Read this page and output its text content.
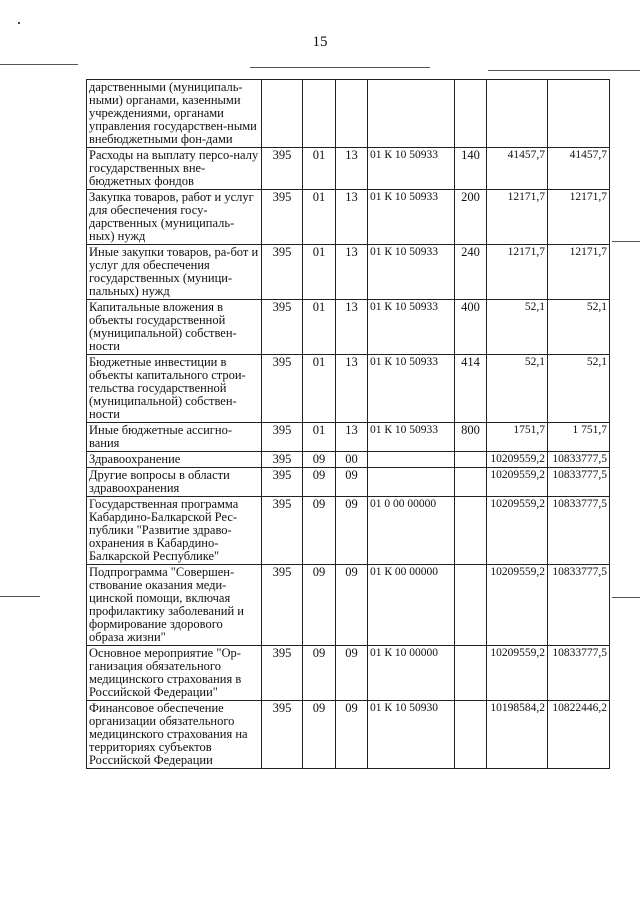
15
дарственными (муниципаль-ными) органами, казенными учреждениями, органами управления государствен-ными внебюджетными фон-дами							
Расходы на выплату персо-налу государственных вне-бюджетных фондов	395	01	13	01 К 10 50933	140	41457,7	41457,7
Закупка товаров, работ и услуг для обеспечения госу-дарственных (муниципаль-ных) нужд	395	01	13	01 К 10 50933	200	12171,7	12171,7
Иные закупки товаров, ра-бот и услуг для обеспечения государственных (муници-пальных) нужд	395	01	13	01 К 10 50933	240	12171,7	12171,7
Капитальные вложения в объекты государственной (муниципальной) собствен-ности	395	01	13	01 К 10 50933	400	52,1	52,1
Бюджетные инвестиции в объекты капитального строи-тельства государственной (муниципальной) собствен-ности	395	01	13	01 К 10 50933	414	52,1	52,1
Иные бюджетные ассигно-вания	395	01	13	01 К 10 50933	800	1751,7	1 751,7
Здравоохранение	395	09	00			10209559,2	10833777,5
Другие вопросы в области здравоохранения	395	09	09			10209559,2	10833777,5
Государственная программа Кабардино-Балкарской Рес-публики "Развитие здраво-охранения в Кабардино-Балкарской Республике"	395	09	09	01 0 00 00000		10209559,2	10833777,5
Подпрограмма "Совершен-ствование оказания меди-цинской помощи, включая профилактику заболеваний и формирование здорового образа жизни"	395	09	09	01 К 00 00000		10209559,2	10833777,5
Основное мероприятие "Ор-ганизация обязательного медицинского страхования в Российской Федерации"	395	09	09	01 К 10 00000		10209559,2	10833777,5
Финансовое обеспечение организации обязательного медицинского страхования на территориях субъектов Российской Федерации	395	09	09	01 К 10 50930		10198584,2	10822446,2
